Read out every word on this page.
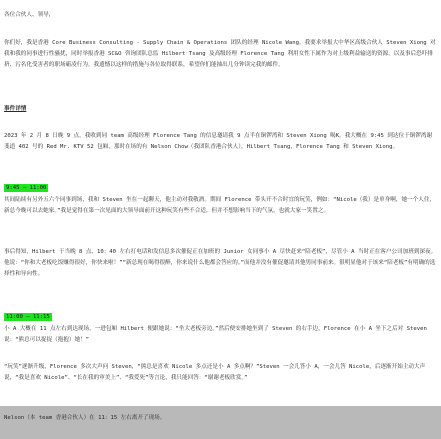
各位合伙人、领导，

你们好，我是香港 Core Business Consulting - Supply Chain & Operations 团队的经理 Nicole Wang。我要求举报大中华区高级合伙人 Steven Xiong 对我和我的同事进行性骚扰，同时举报香港 SC&O 咨询团队总监 Hilbert Tsang 及高级经理 Florence Tang 利用女性下属作为对上级利益输送的资源，以及事后恐吓排挤、污名化受害者的职场霸凌行为。我遗憾以这样的措施与各位取得联系，希望你们能抽出几分钟读完我的邮件。

事件详情

2023 年 2 月 8 日晚 9 点，我收到同 team 高级经理 Florence Tang 的信息邀请我 9 点半在铜锣湾和 Steven Xiong 喝K。我大概在 9:45 到达位于铜锣湾谢斐道 402 号的 Red Mr. KTV 52 包厢，那时在场的有 Nelson Chow（我团队香港合伙人），Hilbert Tsang，Florence Tang 和 Steven Xiong。

9:45 – 11:00

其间陆续有另外五六个同事到场，我和 Steven 坐在一起聊天，他主动对我敬酒。期间 Florence 带头开不合时宜的玩笑，例如：“Nicole（我）是单身啊，她一个人住，新总今晚可以去她家。”我是觉得在第一次见面的大领导面前开这种玩笑有些不合适，但并不想影响当下的气氛，也就大家一笑置之。

事后得知，Hilbert 于当晚 8 点、10：40 左右打电话和发信息多次催促正在加班的 Junior 女同事小 A 尽快赶来“陪老板”，尽管小 A 当时正在客户公司加班到深夜。他说：“你和大老板吃饭赚得很好，你快来啦！”“新总现在喝得很醉，你来说什么他都会答应的。”而他并没有催促邀请其他男同事前来。很明显他对于该来“陪老板”有明确的选择性和导向性。

11:00 – 11:15

小 A 大概在 11 点左右到达现场。一进包厢 Hilbert 便跟她说：“坐大老板旁边。”然后便安排她坐到了 Steven 的右手边，Florence 在小 A 坐下之后对 Steven 说：“熊总可以捉捉（抱抱）她！”

“玩笑”逐渐升级，Florence 多次大声问 Steven，“熊总是喜欢 Nicole 多点还是小 A 多点啊？”Steven 一会儿答小 A，一会儿答 Nicole，后逐渐开始主动大声说，“我是喜欢 Nicole”、“长在我的审美上”、“我爱死”等言论，我只能回答：“谢谢老板欣赏。”

Nelson（本 team 香港合伙人）在 11：15 左右离开了现场。
